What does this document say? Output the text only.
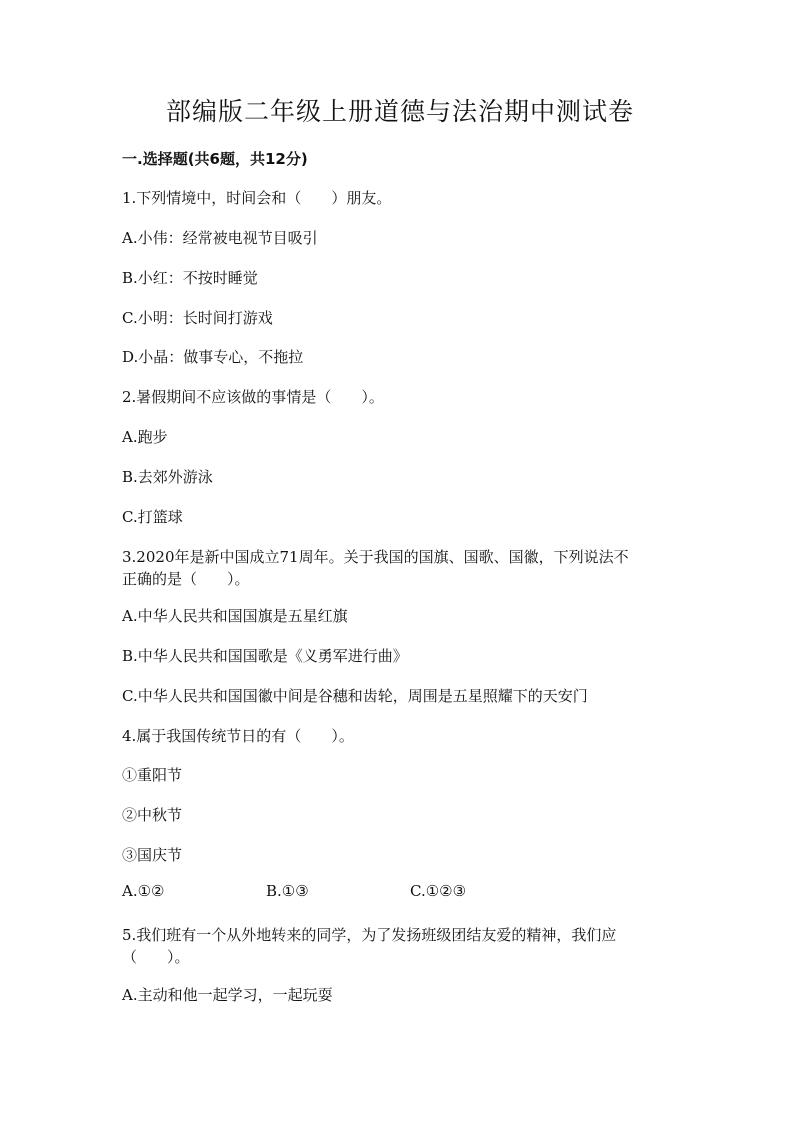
部编版二年级上册道德与法治期中测试卷
一.选择题(共6题，共12分)
1.下列情境中，时间会和（　　）朋友。
A.小伟：经常被电视节目吸引
B.小红：不按时睡觉
C.小明：长时间打游戏
D.小晶：做事专心，不拖拉
2.暑假期间不应该做的事情是（　　）。
A.跑步
B.去郊外游泳
C.打篮球
3.2020年是新中国成立71周年。关于我国的国旗、国歌、国徽，下列说法不
正确的是（　　）。
A.中华人民共和国国旗是五星红旗
B.中华人民共和国国歌是《义勇军进行曲》
C.中华人民共和国国徽中间是谷穗和齿轮，周围是五星照耀下的天安门
4.属于我国传统节日的有（　　）。
①重阳节
②中秋节
③国庆节
A.①②	B.①③	C.①②③
5.我们班有一个从外地转来的同学，为了发扬班级团结友爱的精神，我们应
（　　）。
A.主动和他一起学习，一起玩耍
